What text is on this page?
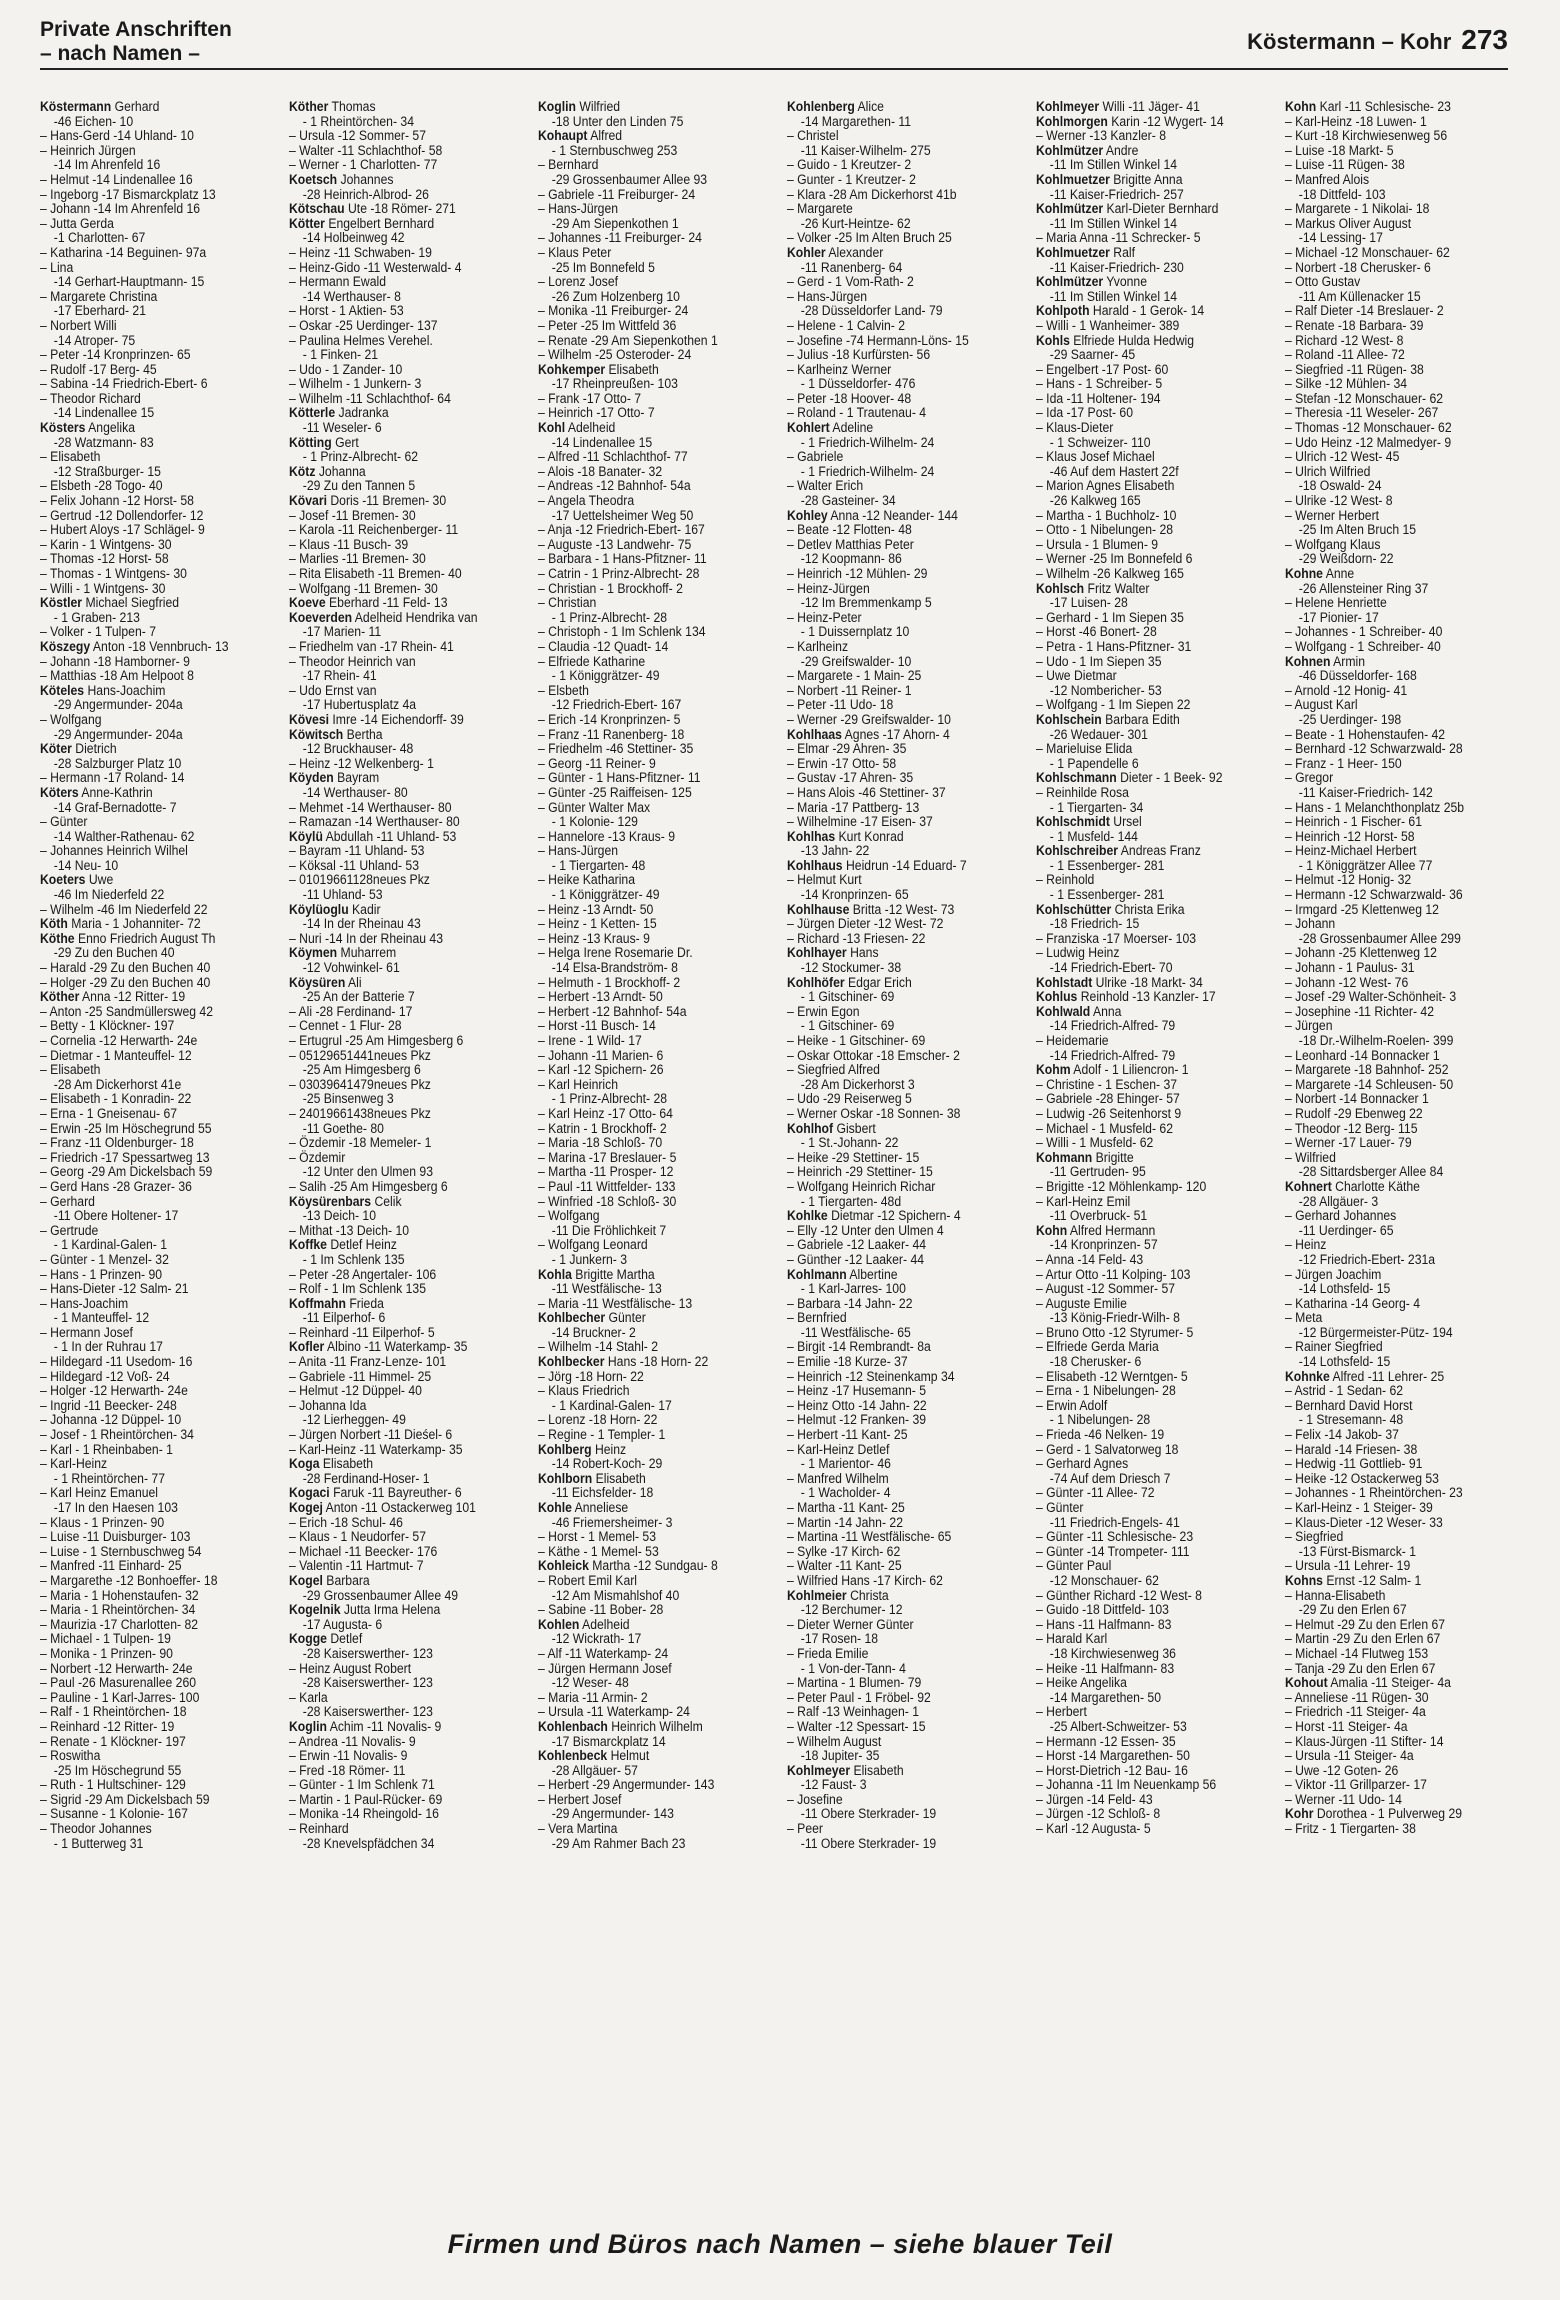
Private Anschriften
– nach Namen –	Köstermann – Kohr 273
Köstermann Gerhard
-46 Eichen- 10
– Hans-Gerd -14 Uhland- 10
– Heinrich Jürgen
-14 Im Ahrenfeld 16
– Helmut -14 Lindenallee 16
– Ingeborg -17 Bismarckplatz 13
– Johann -14 Im Ahrenfeld 16
– Jutta Gerda
-1 Charlotten- 67
– Katharina -14 Beguinen- 97a
– Lina
-14 Gerhart-Hauptmann- 15
– Margarete Christina
-17 Eberhard- 21
– Norbert Willi
-14 Atroper- 75
– Peter -14 Kronprinzen- 65
– Rudolf -17 Berg- 45
– Sabina -14 Friedrich-Ebert- 6
– Theodor Richard
-14 Lindenallee 15
Kösters Angelika
-28 Watzmann- 83
– Elisabeth
-12 Straßburger- 15
– Elsbeth -28 Togo- 40
– Felix Johann -12 Horst- 58
– Gertrud -12 Dollendorfer- 12
– Hubert Aloys -17 Schlägel- 9
– Karin - 1 Wintgens- 30
– Thomas -12 Horst- 58
– Thomas - 1 Wintgens- 30
– Willi - 1 Wintgens- 30
Köstler Michael Siegfried
- 1 Graben- 213
– Volker - 1 Tulpen- 7
Köszegy Anton -18 Vennbruch- 13
– Johann -18 Hamborner- 9
– Matthias -18 Am Helpoot 8
Köteles Hans-Joachim
-29 Angermunder- 204a
– Wolfgang
-29 Angermunder- 204a
Köter Dietrich
-28 Salzburger Platz 10
– Hermann -17 Roland- 14
Köters Anne-Kathrin
-14 Graf-Bernadotte- 7
– Günter
-14 Walther-Rathenau- 62
– Johannes Heinrich Wilhel
-14 Neu- 10
Koeters Uwe
-46 Im Niederfeld 22
– Wilhelm -46 Im Niederfeld 22
Köth Maria - 1 Johanniter- 72
Köthe Enno Friedrich August Th
-29 Zu den Buchen 40
– Harald -29 Zu den Buchen 40
– Holger -29 Zu den Buchen 40
Köther Anna -12 Ritter- 19
– Anton -25 Sandmüllersweg 42
– Betty - 1 Klöckner- 197
– Cornelia -12 Herwarth- 24e
– Dietmar - 1 Manteuffel- 12
– Elisabeth
-28 Am Dickerhorst 41e
– Elisabeth - 1 Konradin- 22
– Erna - 1 Gneisenau- 67
– Erwin -25 Im Höschegrund 55
– Franz -11 Oldenburger- 18
– Friedrich -17 Spessartweg 13
– Georg -29 Am Dickelsbach 59
– Gerd Hans -28 Grazer- 36
– Gerhard
-11 Obere Holtener- 17
– Gertrude
- 1 Kardinal-Galen- 1
– Günter - 1 Menzel- 32
– Hans - 1 Prinzen- 90
– Hans-Dieter -12 Salm- 21
– Hans-Joachim
- 1 Manteuffel- 12
– Hermann Josef
- 1 In der Ruhrau 17
– Hildegard -11 Usedom- 16
– Hildegard -12 Voß- 24
– Holger -12 Herwarth- 24e
– Ingrid -11 Beecker- 248
– Johanna -12 Düppel- 10
– Josef - 1 Rheintörchen- 34
– Karl - 1 Rheinbaben- 1
– Karl-Heinz
- 1 Rheintörchen- 77
– Karl Heinz Emanuel
-17 In den Haesen 103
– Klaus - 1 Prinzen- 90
– Luise -11 Duisburger- 103
– Luise - 1 Sternbuschweg 54
– Manfred -11 Einhard- 25
– Margarethe -12 Bonhoeffer- 18
– Maria - 1 Hohenstaufen- 32
– Maria - 1 Rheintörchen- 34
– Maurizia -17 Charlotten- 82
– Michael - 1 Tulpen- 19
– Monika - 1 Prinzen- 90
– Norbert -12 Herwarth- 24e
– Paul -26 Masurenallee 260
– Pauline - 1 Karl-Jarres- 100
– Ralf - 1 Rheintörchen- 18
– Reinhard -12 Ritter- 19
– Renate - 1 Klöckner- 197
– Roswitha
-25 Im Höschegrund 55
– Ruth - 1 Hultschiner- 129
– Sigrid -29 Am Dickelsbach 59
– Susanne - 1 Kolonie- 167
– Theodor Johannes
- 1 Butterweg 31
Köther Thomas
- 1 Rheintörchen- 34
– Ursula -12 Sommer- 57
– Walter -11 Schlachthof- 58
– Werner - 1 Charlotten- 77
Koetsch Johannes
-28 Heinrich-Albrod- 26
Kötschau Ute -18 Römer- 271
Kötter Engelbert Bernhard
-14 Holbeinweg 42
– Heinz -11 Schwaben- 19
– Heinz-Gido -11 Westerwald- 4
– Hermann Ewald
-14 Werthauser- 8
– Horst - 1 Aktien- 53
– Oskar -25 Uerdinger- 137
– Paulina Helmes Verehel.
- 1 Finken- 21
– Udo - 1 Zander- 10
– Wilhelm - 1 Junkern- 3
– Wilhelm -11 Schlachthof- 64
Kötterle Jadranka
-11 Weseler- 6
Kötting Gert
- 1 Prinz-Albrecht- 62
Kötz Johanna
-29 Zu den Tannen 5
Kövari Doris -11 Bremen- 30
– Josef -11 Bremen- 30
– Karola -11 Reichenberger- 11
– Klaus -11 Busch- 39
– Marlies -11 Bremen- 30
– Rita Elisabeth -11 Bremen- 40
– Wolfgang -11 Bremen- 30
Koeve Eberhard -11 Feld- 13
Koeverden Adelheid Hendrika van
-17 Marien- 11
– Friedhelm van -17 Rhein- 41
– Theodor Heinrich van
-17 Rhein- 41
– Udo Ernst van
-17 Hubertusplatz 4a
Kövesi Imre -14 Eichendorff- 39
Köwitsch Bertha
-12 Bruckhauser- 48
– Heinz -12 Welkenberg- 1
Köyden Bayram
-14 Werthauser- 80
– Mehmet -14 Werthauser- 80
– Ramazan -14 Werthauser- 80
Köylü Abdullah -11 Uhland- 53
– Bayram -11 Uhland- 53
– Köksal -11 Uhland- 53
– 01019661128neues Pkz
-11 Uhland- 53
Köylüoglu Kadir
-14 In der Rheinau 43
– Nuri -14 In der Rheinau 43
Köymen Muharrem
-12 Vohwinkel- 61
Köysüren Ali
-25 An der Batterie 7
– Ali -28 Ferdinand- 17
– Cennet - 1 Flur- 28
– Ertugrul -25 Am Himgesberg 6
– 05129651441neues Pkz
-25 Am Himgesberg 6
– 03039641479neues Pkz
-25 Binsenweg 3
– 24019661438neues Pkz
-11 Goethe- 80
– Özdemir -18 Memeler- 1
– Özdemir
-12 Unter den Ulmen 93
– Salih -25 Am Himgesberg 6
Köysürenbars Celik
-13 Deich- 10
– Mithat -13 Deich- 10
Koffke Detlef Heinz
- 1 Im Schlenk 135
– Peter -28 Angertaler- 106
– Rolf - 1 Im Schlenk 135
Koffmahn Frieda
-11 Eilperhof- 6
– Reinhard -11 Eilperhof- 5
Kofler Albino -11 Waterkamp- 35
– Anita -11 Franz-Lenze- 101
– Gabriele -11 Himmel- 25
– Helmut -12 Düppel- 40
– Johanna Ida
-12 Lierheggen- 49
– Jürgen Norbert -11 Dieśel- 6
– Karl-Heinz -11 Waterkamp- 35
Koga Elisabeth
-28 Ferdinand-Hoser- 1
Kogaci Faruk -11 Bayreuther- 6
Kogej Anton -11 Ostackerweg 101
– Erich -18 Schul- 46
– Klaus - 1 Neudorfer- 57
– Michael -11 Beecker- 176
– Valentin -11 Hartmut- 7
Kogel Barbara
-29 Grossenbaumer Allee 49
Kogelnik Jutta Irma Helena
-17 Augusta- 6
Kogge Detlef
-28 Kaiserswerther- 123
– Heinz August Robert
-28 Kaiserswerther- 123
– Karla
-28 Kaiserswerther- 123
Koglin Achim -11 Novalis- 9
– Andrea -11 Novalis- 9
– Erwin -11 Novalis- 9
– Fred -18 Römer- 11
– Günter - 1 Im Schlenk 71
– Martin - 1 Paul-Rücker- 69
– Monika -14 Rheingold- 16
– Reinhard
-28 Knevelspfädchen 34
Koglin Wilfried
-18 Unter den Linden 75
Kohaupt Alfred
- 1 Sternbuschweg 253
– Bernhard
-29 Grossenbaumer Allee 93
– Gabriele -11 Freiburger- 24
– Hans-Jürgen
-29 Am Siepenkothen 1
– Johannes -11 Freiburger- 24
– Klaus Peter
-25 Im Bonnefeld 5
– Lorenz Josef
-26 Zum Holzenberg 10
– Monika -11 Freiburger- 24
– Peter -25 Im Wittfeld 36
– Renate -29 Am Siepenkothen 1
– Wilhelm -25 Osteroder- 24
Kohkemper Elisabeth
-17 Rheinpreußen- 103
– Frank -17 Otto- 7
– Heinrich -17 Otto- 7
Kohl Adelheid
-14 Lindenallee 15
– Alfred -11 Schlachthof- 77
– Alois -18 Banater- 32
– Andreas -12 Bahnhof- 54a
– Angela Theodra
-17 Uettelsheimer Weg 50
– Anja -12 Friedrich-Ebert- 167
– Auguste -13 Landwehr- 75
– Barbara - 1 Hans-Pfitzner- 11
– Catrin - 1 Prinz-Albrecht- 28
– Christian - 1 Brockhoff- 2
– Christian
- 1 Prinz-Albrecht- 28
– Christoph - 1 Im Schlenk 134
– Claudia -12 Quadt- 14
– Elfriede Katharine
- 1 Königgrätzer- 49
– Elsbeth
-12 Friedrich-Ebert- 167
– Erich -14 Kronprinzen- 5
– Franz -11 Ranenberg- 18
– Friedhelm -46 Stettiner- 35
– Georg -11 Reiner- 9
– Günter - 1 Hans-Pfitzner- 11
– Günter -25 Raiffeisen- 125
– Günter Walter Max
- 1 Kolonie- 129
– Hannelore -13 Kraus- 9
– Hans-Jürgen
- 1 Tiergarten- 48
– Heike Katharina
- 1 Königgrätzer- 49
– Heinz -13 Arndt- 50
– Heinz - 1 Ketten- 15
– Heinz -13 Kraus- 9
– Helga Irene Rosemarie Dr.
-14 Elsa-Brandström- 8
– Helmuth - 1 Brockhoff- 2
– Herbert -13 Arndt- 50
– Herbert -12 Bahnhof- 54a
– Horst -11 Busch- 14
– Irene - 1 Wild- 17
– Johann -11 Marien- 6
– Karl -12 Spichern- 26
– Karl Heinrich
- 1 Prinz-Albrecht- 28
– Karl Heinz -17 Otto- 64
– Katrin - 1 Brockhoff- 2
– Maria -18 Schloß- 70
– Marina -17 Breslauer- 5
– Martha -11 Prosper- 12
– Paul -11 Wittfelder- 133
– Winfried -18 Schloß- 30
– Wolfgang
-11 Die Fröhlichkeit 7
– Wolfgang Leonard
- 1 Junkern- 3
Kohla Brigitte Martha
-11 Westfälische- 13
– Maria -11 Westfälische- 13
Kohlbecher Günter
-14 Bruckner- 2
– Wilhelm -14 Stahl- 2
Kohlbecker Hans -18 Horn- 22
– Jörg -18 Horn- 22
– Klaus Friedrich
- 1 Kardinal-Galen- 17
– Lorenz -18 Horn- 22
– Regine - 1 Templer- 1
Kohlberg Heinz
-14 Robert-Koch- 29
Kohlborn Elisabeth
-11 Eichsfelder- 18
Kohle Anneliese
-46 Friemersheimer- 3
– Horst - 1 Memel- 53
– Käthe - 1 Memel- 53
Kohleick Martha -12 Sundgau- 8
– Robert Emil Karl
-12 Am Mismahlshof 40
– Sabine -11 Bober- 28
Kohlen Adelheid
-12 Wickrath- 17
– Alf -11 Waterkamp- 24
– Jürgen Hermann Josef
-12 Weser- 48
– Maria -11 Armin- 2
– Ursula -11 Waterkamp- 24
Kohlenbach Heinrich Wilhelm
-17 Bismarckplatz 14
Kohlenbeck Helmut
-28 Allgäuer- 57
– Herbert -29 Angermunder- 143
– Herbert Josef
-29 Angermunder- 143
– Vera Martina
-29 Am Rahmer Bach 23
Kohlenberg Alice
-14 Margarethen- 11
– Christel
-11 Kaiser-Wilhelm- 275
– Guido - 1 Kreutzer- 2
– Gunter - 1 Kreutzer- 2
– Klara -28 Am Dickerhorst 41b
– Margarete
-26 Kurt-Heintze- 62
– Volker -25 Im Alten Bruch 25
Kohler Alexander
-11 Ranenberg- 64
– Gerd - 1 Vom-Rath- 2
– Hans-Jürgen
-28 Düsseldorfer Land- 79
– Helene - 1 Calvin- 2
– Josefine -74 Hermann-Löns- 15
– Julius -18 Kurfürsten- 56
– Karlheinz Werner
- 1 Düsseldorfer- 476
– Peter -18 Hoover- 48
– Roland - 1 Trautenau- 4
Kohlert Adeline
- 1 Friedrich-Wilhelm- 24
– Gabriele
- 1 Friedrich-Wilhelm- 24
– Walter Erich
-28 Gasteiner- 34
Kohley Anna -12 Neander- 144
– Beate -12 Flotten- 48
– Detlev Matthias Peter
-12 Koopmann- 86
– Heinrich -12 Mühlen- 29
– Heinz-Jürgen
-12 Im Bremmenkamp 5
– Heinz-Peter
- 1 Duissernplatz 10
– Karlheinz
-29 Greifswalder- 10
– Margarete - 1 Main- 25
– Norbert -11 Reiner- 1
– Peter -11 Udo- 18
– Werner -29 Greifswalder- 10
Kohlhaas Agnes -17 Ahorn- 4
– Elmar -29 Ahren- 35
– Erwin -17 Otto- 58
– Gustav -17 Ahren- 35
– Hans Alois -46 Stettiner- 37
– Maria -17 Pattberg- 13
– Wilhelmine -17 Eisen- 37
Kohlhas Kurt Konrad
-13 Jahn- 22
Kohlhaus Heidrun -14 Eduard- 7
– Helmut Kurt
-14 Kronprinzen- 65
Kohlhause Britta -12 West- 73
– Jürgen Dieter -12 West- 72
– Richard -13 Friesen- 22
Kohlhayer Hans
-12 Stockumer- 38
Kohlhöfer Edgar Erich
- 1 Gitschiner- 69
– Erwin Egon
- 1 Gitschiner- 69
– Heike - 1 Gitschiner- 69
– Oskar Ottokar -18 Emscher- 2
– Siegfried Alfred
-28 Am Dickerhorst 3
– Udo -29 Reiserweg 5
– Werner Oskar -18 Sonnen- 38
Kohlhof Gisbert
- 1 St.-Johann- 22
– Heike -29 Stettiner- 15
– Heinrich -29 Stettiner- 15
– Wolfgang Heinrich Richar
- 1 Tiergarten- 48d
Kohlke Dietmar -12 Spichern- 4
– Elly -12 Unter den Ulmen 4
– Gabriele -12 Laaker- 44
– Günther -12 Laaker- 44
Kohlmann Albertine
- 1 Karl-Jarres- 100
– Barbara -14 Jahn- 22
– Bernfried
-11 Westfälische- 65
– Birgit -14 Rembrandt- 8a
– Emilie -18 Kurze- 37
– Heinrich -12 Steinenkamp 34
– Heinz -17 Husemann- 5
– Heinz Otto -14 Jahn- 22
– Helmut -12 Franken- 39
– Herbert -11 Kant- 25
– Karl-Heinz Detlef
- 1 Marientor- 46
– Manfred Wilhelm
- 1 Wacholder- 4
– Martha -11 Kant- 25
– Martin -14 Jahn- 22
– Martina -11 Westfälische- 65
– Sylke -17 Kirch- 62
– Walter -11 Kant- 25
– Wilfried Hans -17 Kirch- 62
Kohlmeier Christa
-12 Berchumer- 12
– Dieter Werner Günter
-17 Rosen- 18
– Frieda Emilie
- 1 Von-der-Tann- 4
– Martina - 1 Blumen- 79
– Peter Paul - 1 Fröbel- 92
– Ralf -13 Weinhagen- 1
– Walter -12 Spessart- 15
– Wilhelm August
-18 Jupiter- 35
Kohlmeyer Elisabeth
-12 Faust- 3
– Josefine
-11 Obere Sterkrader- 19
– Peer
-11 Obere Sterkrader- 19
Kohlmeyer Willi -11 Jäger- 41
Kohlmorgen Karin -12 Wygert- 14
– Werner -13 Kanzler- 8
Kohlmützer Andre
-11 Im Stillen Winkel 14
Kohlmuetzer Brigitte Anna
-11 Kaiser-Friedrich- 257
Kohlmützer Karl-Dieter Bernhard
-11 Im Stillen Winkel 14
– Maria Anna -11 Schrecker- 5
Kohlmuetzer Ralf
-11 Kaiser-Friedrich- 230
Kohlmützer Yvonne
-11 Im Stillen Winkel 14
Kohlpoth Harald - 1 Gerok- 14
– Willi - 1 Wanheimer- 389
Kohls Elfriede Hulda Hedwig
-29 Saarner- 45
– Engelbert -17 Post- 60
– Hans - 1 Schreiber- 5
– Ida -11 Holtener- 194
– Ida -17 Post- 60
– Klaus-Dieter
- 1 Schweizer- 110
– Klaus Josef Michael
-46 Auf dem Hastert 22f
– Marion Agnes Elisabeth
-26 Kalkweg 165
– Martha - 1 Buchholz- 10
– Otto - 1 Nibelungen- 28
– Ursula - 1 Blumen- 9
– Werner -25 Im Bonnefeld 6
– Wilhelm -26 Kalkweg 165
Kohlsch Fritz Walter
-17 Luisen- 28
– Gerhard - 1 Im Siepen 35
– Horst -46 Bonert- 28
– Petra - 1 Hans-Pfitzner- 31
– Udo - 1 Im Siepen 35
– Uwe Dietmar
-12 Nombericher- 53
– Wolfgang - 1 Im Siepen 22
Kohlschein Barbara Edith
-26 Wedauer- 301
– Marieluise Elida
- 1 Papendelle 6
Kohlschmann Dieter - 1 Beek- 92
– Reinhilde Rosa
- 1 Tiergarten- 34
Kohlschmidt Ursel
- 1 Musfeld- 144
Kohlschreiber Andreas Franz
- 1 Essenberger- 281
– Reinhold
- 1 Essenberger- 281
Kohlschütter Christa Erika
-18 Friedrich- 15
– Franziska -17 Moerser- 103
– Ludwig Heinz
-14 Friedrich-Ebert- 70
Kohlstadt Ulrike -18 Markt- 34
Kohlus Reinhold -13 Kanzler- 17
Kohlwald Anna
-14 Friedrich-Alfred- 79
– Heidemarie
-14 Friedrich-Alfred- 79
Kohm Adolf - 1 Liliencron- 1
– Christine - 1 Eschen- 37
– Gabriele -28 Ehinger- 57
– Ludwig -26 Seitenhorst 9
– Michael - 1 Musfeld- 62
– Willi - 1 Musfeld- 62
Kohmann Brigitte
-11 Gertruden- 95
– Brigitte -12 Möhlenkamp- 120
– Karl-Heinz Emil
-11 Overbruck- 51
Kohn Alfred Hermann
-14 Kronprinzen- 57
– Anna -14 Feld- 43
– Artur Otto -11 Kolping- 103
– August -12 Sommer- 57
– Auguste Emilie
-13 König-Friedr-Wilh- 8
– Bruno Otto -12 Styrumer- 5
– Elfriede Gerda Maria
-18 Cherusker- 6
– Elisabeth -12 Werntgen- 5
– Erna - 1 Nibelungen- 28
– Erwin Adolf
- 1 Nibelungen- 28
– Frieda -46 Nelken- 19
– Gerd - 1 Salvatorweg 18
– Gerhard Agnes
-74 Auf dem Driesch 7
– Günter -11 Allee- 72
– Günter
-11 Friedrich-Engels- 41
– Günter -11 Schlesische- 23
– Günter -14 Trompeter- 111
– Günter Paul
-12 Monschauer- 62
– Günther Richard -12 West- 8
– Guido -18 Dittfeld- 103
– Hans -11 Halfmann- 83
– Harald Karl
-18 Kirchwiesenweg 36
– Heike -11 Halfmann- 83
– Heike Angelika
-14 Margarethen- 50
– Herbert
-25 Albert-Schweitzer- 53
– Hermann -12 Essen- 35
– Horst -14 Margarethen- 50
– Horst-Dietrich -12 Bau- 16
– Johanna -11 Im Neuenkamp 56
– Jürgen -14 Feld- 43
– Jürgen -12 Schloß- 8
– Karl -12 Augusta- 5
Kohn Karl -11 Schlesische- 23
– Karl-Heinz -18 Luwen- 1
– Kurt -18 Kirchwiesenweg 56
– Luise -18 Markt- 5
– Luise -11 Rügen- 38
– Manfred Alois
-18 Dittfeld- 103
– Margarete - 1 Nikolai- 18
– Markus Oliver August
-14 Lessing- 17
– Michael -12 Monschauer- 62
– Norbert -18 Cherusker- 6
– Otto Gustav
-11 Am Küllenacker 15
– Ralf Dieter -14 Breslauer- 2
– Renate -18 Barbara- 39
– Richard -12 West- 8
– Roland -11 Allee- 72
– Siegfried -11 Rügen- 38
– Silke -12 Mühlen- 34
– Stefan -12 Monschauer- 62
– Theresia -11 Weseler- 267
– Thomas -12 Monschauer- 62
– Udo Heinz -12 Malmedyer- 9
– Ulrich -12 West- 45
– Ulrich Wilfried
-18 Oswald- 24
– Ulrike -12 West- 8
– Werner Herbert
-25 Im Alten Bruch 15
– Wolfgang Klaus
-29 Weißdorn- 22
Kohne Anne
-26 Allensteiner Ring 37
– Helene Henriette
-17 Pionier- 17
– Johannes - 1 Schreiber- 40
– Wolfgang - 1 Schreiber- 40
Kohnen Armin
-46 Düsseldorfer- 168
– Arnold -12 Honig- 41
– August Karl
-25 Uerdinger- 198
– Beate - 1 Hohenstaufen- 42
– Bernhard -12 Schwarzwald- 28
– Franz - 1 Heer- 150
– Gregor
-11 Kaiser-Friedrich- 142
– Hans - 1 Melanchthonplatz 25b
– Heinrich - 1 Fischer- 61
– Heinrich -12 Horst- 58
– Heinz-Michael Herbert
- 1 Königgrätzer Allee 77
– Helmut -12 Honig- 32
– Hermann -12 Schwarzwald- 36
– Irmgard -25 Klettenweg 12
– Johann
-28 Grossenbaumer Allee 299
– Johann -25 Klettenweg 12
– Johann - 1 Paulus- 31
– Johann -12 West- 76
– Josef -29 Walter-Schönheit- 3
– Josephine -11 Richter- 42
– Jürgen
-18 Dr.-Wilhelm-Roelen- 399
– Leonhard -14 Bonnacker 1
– Margarete -18 Bahnhof- 252
– Margarete -14 Schleusen- 50
– Norbert -14 Bonnacker 1
– Rudolf -29 Ebenweg 22
– Theodor -12 Berg- 115
– Werner -17 Lauer- 79
– Wilfried
-28 Sittardsberger Allee 84
Kohnert Charlotte Käthe
-28 Allgäuer- 3
– Gerhard Johannes
-11 Uerdinger- 65
– Heinz
-12 Friedrich-Ebert- 231a
– Jürgen Joachim
-14 Lothsfeld- 15
– Katharina -14 Georg- 4
– Meta
-12 Bürgermeister-Pütz- 194
– Rainer Siegfried
-14 Lothsfeld- 15
Kohnke Alfred -11 Lehrer- 25
– Astrid - 1 Sedan- 62
– Bernhard David Horst
- 1 Stresemann- 48
– Felix -14 Jakob- 37
– Harald -14 Friesen- 38
– Hedwig -11 Gottlieb- 91
– Heike -12 Ostackerweg 53
– Johannes - 1 Rheintörchen- 23
– Karl-Heinz - 1 Steiger- 39
– Klaus-Dieter -12 Weser- 33
– Siegfried
-13 Fürst-Bismarck- 1
– Ursula -11 Lehrer- 19
Kohns Ernst -12 Salm- 1
– Hanna-Elisabeth
-29 Zu den Erlen 67
– Helmut -29 Zu den Erlen 67
– Martin -29 Zu den Erlen 67
– Michael -14 Flutweg 153
– Tanja -29 Zu den Erlen 67
Kohout Amalia -11 Steiger- 4a
– Anneliese -11 Rügen- 30
– Friedrich -11 Steiger- 4a
– Horst -11 Steiger- 4a
– Klaus-Jürgen -11 Stifter- 14
– Ursula -11 Steiger- 4a
– Uwe -12 Goten- 26
– Viktor -11 Grillparzer- 17
– Werner -11 Udo- 14
Kohr Dorothea - 1 Pulverweg 29
– Fritz - 1 Tiergarten- 38
Firmen und Büros nach Namen – siehe blauer Teil
